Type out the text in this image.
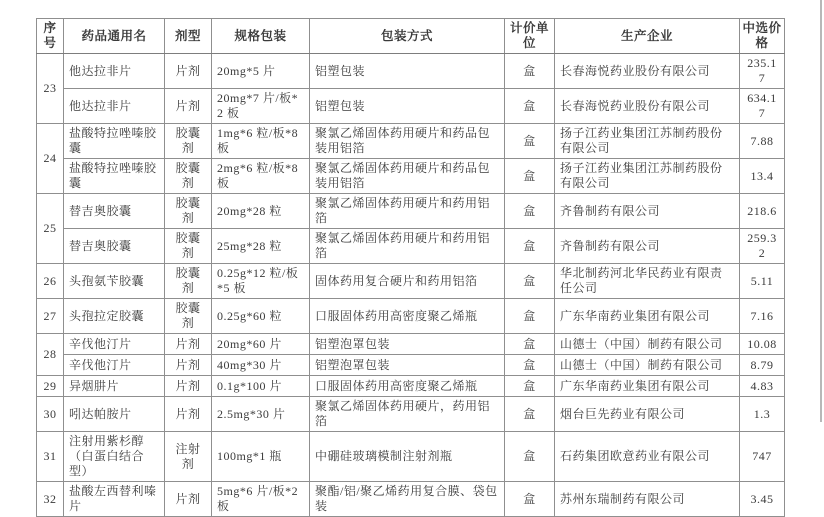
序号	药品通用名	剂型	规格包装	包装方式	计价单位	生产企业	中选价格
23	他达拉非片	片剂	20mg*5 片	铝塑包装	盒	长春海悦药业股份有限公司	235.17
	他达拉非片	片剂	20mg*7 片/板*2 板	铝塑包装	盒	长春海悦药业股份有限公司	634.17
24	盐酸特拉唑嗪胶囊	胶囊剂	1mg*6 粒/板*8 板	聚氯乙烯固体药用硬片和药品包装用铝箔	盒	扬子江药业集团江苏制药股份有限公司	7.88
	盐酸特拉唑嗪胶囊	胶囊剂	2mg*6 粒/板*8 板	聚氯乙烯固体药用硬片和药品包装用铝箔	盒	扬子江药业集团江苏制药股份有限公司	13.4
25	替吉奥胶囊	胶囊剂	20mg*28 粒	聚氯乙烯固体药用硬片和药用铝箔	盒	齐鲁制药有限公司	218.6
	替吉奥胶囊	胶囊剂	25mg*28 粒	聚氯乙烯固体药用硬片和药用铝箔	盒	齐鲁制药有限公司	259.32
26	头孢氨苄胶囊	胶囊剂	0.25g*12 粒/板*5 板	固体药用复合硬片和药用铝箔	盒	华北制药河北华民药业有限责任公司	5.11
27	头孢拉定胶囊	胶囊剂	0.25g*60 粒	口服固体药用高密度聚乙烯瓶	盒	广东华南药业集团有限公司	7.16
28	辛伐他汀片	片剂	20mg*60 片	铝塑泡罩包装	盒	山德士（中国）制药有限公司	10.08
	辛伐他汀片	片剂	40mg*30 片	铝塑泡罩包装	盒	山德士（中国）制药有限公司	8.79
29	异烟肼片	片剂	0.1g*100 片	口服固体药用高密度聚乙烯瓶	盒	广东华南药业集团有限公司	4.83
30	吲达帕胺片	片剂	2.5mg*30 片	聚氯乙烯固体药用硬片，药用铝箔	盒	烟台巨先药业有限公司	1.3
31	注射用紫杉醇（白蛋白结合型）	注射剂	100mg*1 瓶	中硼硅玻璃模制注射剂瓶	盒	石药集团欧意药业有限公司	747
32	盐酸左西替利嗪片	片剂	5mg*6 片/板*2 板	聚酯/铝/聚乙烯药用复合膜、袋包装	盒	苏州东瑞制药有限公司	3.45
